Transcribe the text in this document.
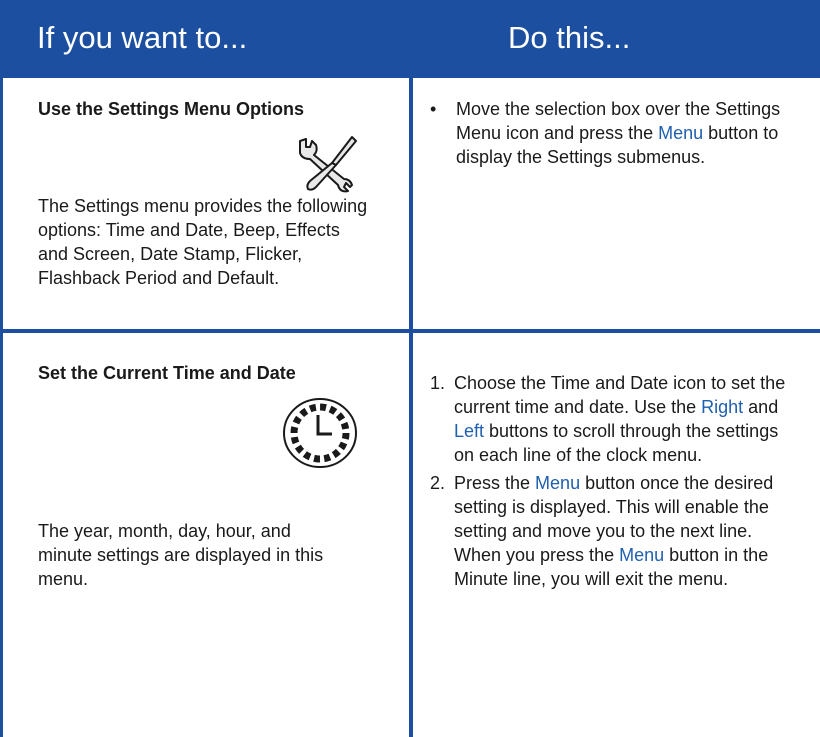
If you want to...	Do this...
Use the Settings Menu Options
The Settings menu provides the following options: Time and Date, Beep, Effects and Screen, Date Stamp, Flicker, Flashback Period and Default.
• Move the selection box over the Settings Menu icon and press the Menu button to display the Settings submenus.
Set the Current Time and Date
The year, month, day, hour, and minute settings are displayed in this menu.
1. Choose the Time and Date icon to set the current time and date. Use the Right and Left buttons to scroll through the settings on each line of the clock menu.
2. Press the Menu button once the desired setting is displayed. This will enable the setting and move you to the next line. When you press the Menu button in the Minute line, you will exit the menu.
